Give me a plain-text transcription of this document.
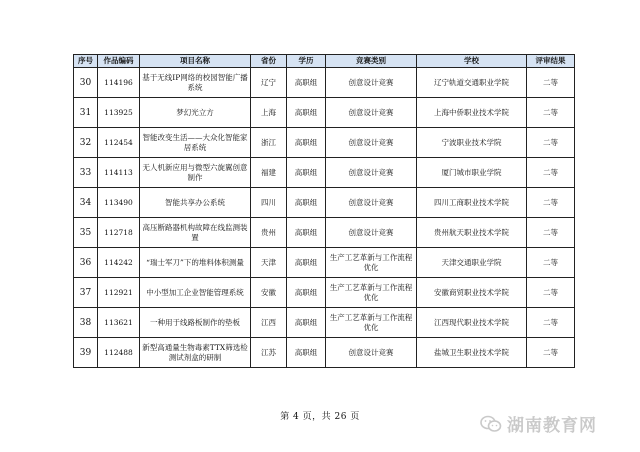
序号	作品编码	项目名称	省份	学历	竞赛类别	学校	评审结果
30	114196	基于无线IP网络的校园智能广播系统	辽宁	高职组	创意设计竞赛	辽宁轨道交通职业学院	二等
31	113925	梦幻光立方	上海	高职组	创意设计竞赛	上海中侨职业技术学院	二等
32	112454	智能改变生活——大众化智能家居系统	浙江	高职组	创意设计竞赛	宁波职业技术学院	二等
33	114113	无人机新应用与微型六旋翼创意制作	福建	高职组	创意设计竞赛	厦门城市职业学院	二等
34	113490	智能共享办公系统	四川	高职组	创意设计竞赛	四川工商职业技术学院	二等
35	112718	高压断路器机构故障在线监测装置	贵州	高职组	创意设计竞赛	贵州航天职业技术学院	二等
36	114242	“瑞士军刀”下的堆料体积测量	天津	高职组	生产工艺革新与工作流程优化	天津交通职业学院	二等
37	112921	中小型加工企业智能管理系统	安徽	高职组	生产工艺革新与工作流程优化	安徽商贸职业技术学院	二等
38	113621	一种用于线路板制作的垫板	江西	高职组	生产工艺革新与工作流程优化	江西现代职业技术学院	二等
39	112488	新型高通量生物毒素TTX筛选检测试剂盒的研制	江苏	高职组	创意设计竞赛	盐城卫生职业技术学院	二等
第 4 页，共 26 页	湖南教育网
